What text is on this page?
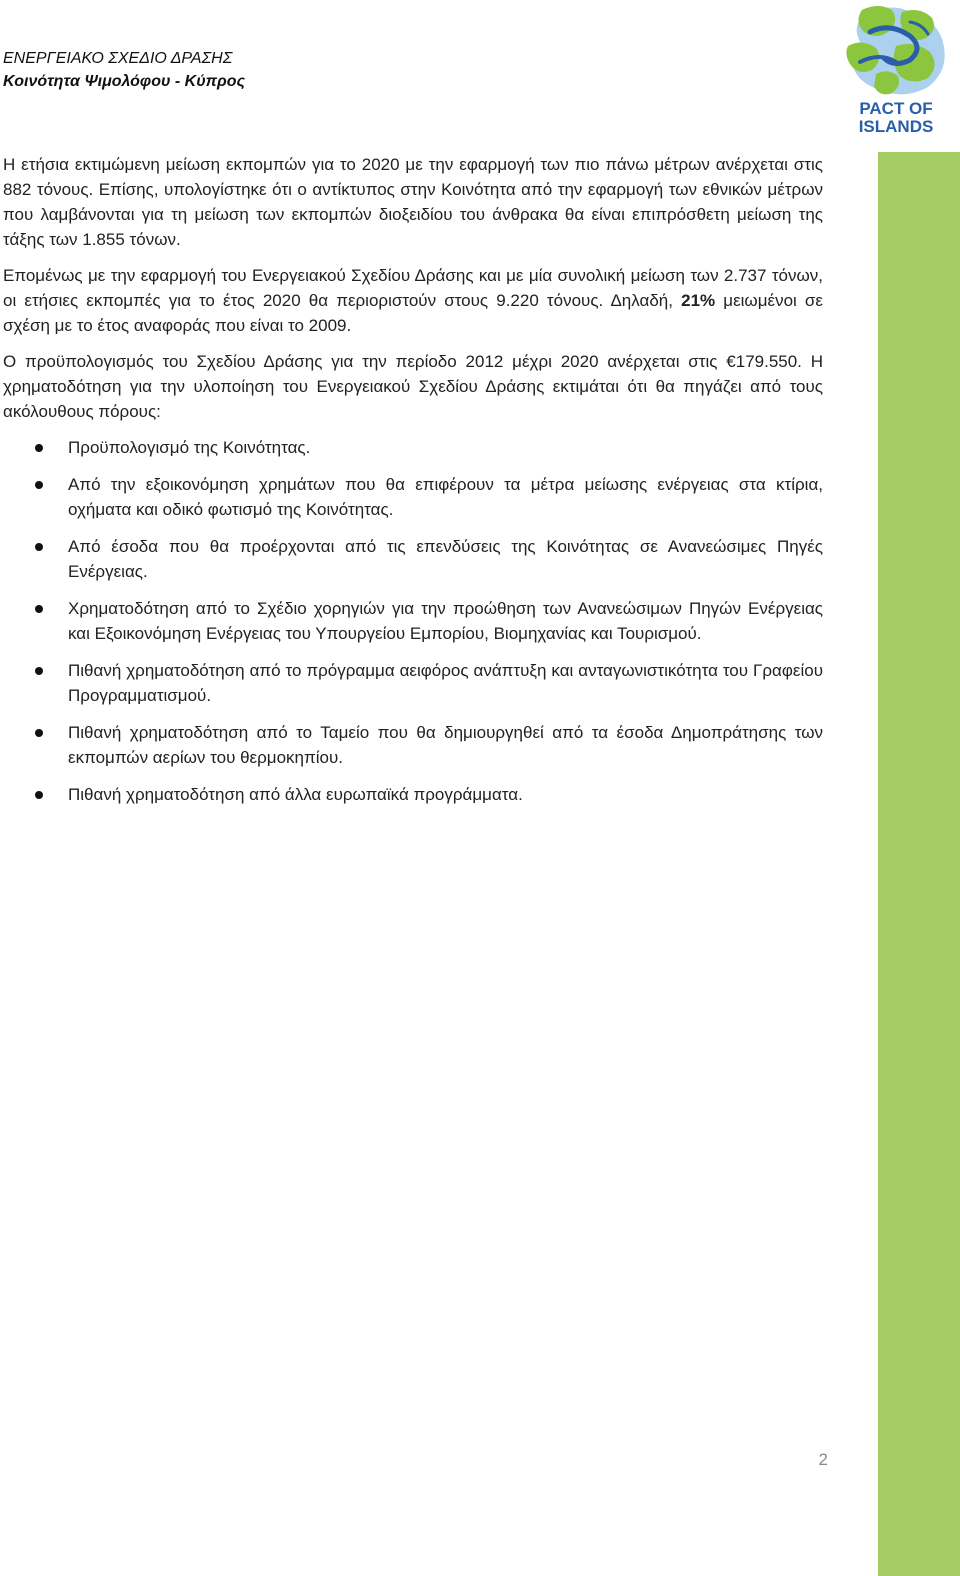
ΕΝΕΡΓΕΙΑΚΟ ΣΧΕΔΙΟ ΔΡΑΣΗΣ
Κοινότητα Ψιμολόφου - Κύπρος
PACT OF
ISLANDS

Η ετήσια εκτιμώμενη μείωση εκπομπών για το 2020 με την εφαρμογή των πιο πάνω μέτρων ανέρχεται στις 882 τόνους. Επίσης, υπολογίστηκε ότι ο αντίκτυπος στην Κοινότητα από την εφαρμογή των εθνικών μέτρων που λαμβάνονται για τη μείωση των εκπομπών διοξειδίου του άνθρακα θα είναι επιπρόσθετη μείωση της τάξης των 1.855 τόνων.

Επομένως με την εφαρμογή του Ενεργειακού Σχεδίου Δράσης και με μία συνολική μείωση των 2.737 τόνων, οι ετήσιες εκπομπές για το έτος 2020 θα περιοριστούν στους 9.220 τόνους. Δηλαδή, 21% μειωμένοι σε σχέση με το έτος αναφοράς που είναι το 2009.

Ο προϋπολογισμός του Σχεδίου Δράσης για την περίοδο 2012 μέχρι 2020 ανέρχεται στις €179.550. Η χρηματοδότηση για την υλοποίηση του Ενεργειακού Σχεδίου Δράσης εκτιμάται ότι θα πηγάζει από τους ακόλουθους πόρους:

Προϋπολογισμό της Κοινότητας.
Από την εξοικονόμηση χρημάτων που θα επιφέρουν τα μέτρα μείωσης ενέργειας στα κτίρια, οχήματα και οδικό φωτισμό της Κοινότητας.
Από έσοδα που θα προέρχονται από τις επενδύσεις της Κοινότητας σε Ανανεώσιμες Πηγές Ενέργειας.
Χρηματοδότηση από το Σχέδιο χορηγιών για την προώθηση των Ανανεώσιμων Πηγών Ενέργειας και Εξοικονόμηση Ενέργειας του Υπουργείου Εμπορίου, Βιομηχανίας και Τουρισμού.
Πιθανή χρηματοδότηση από το πρόγραμμα αειφόρος ανάπτυξη και ανταγωνιστικότητα του Γραφείου Προγραμματισμού.
Πιθανή χρηματοδότηση από το Ταμείο που θα δημιουργηθεί από τα έσοδα Δημοπράτησης των εκπομπών αερίων του θερμοκηπίου.
Πιθανή χρηματοδότηση από άλλα ευρωπαϊκά προγράμματα.
2
